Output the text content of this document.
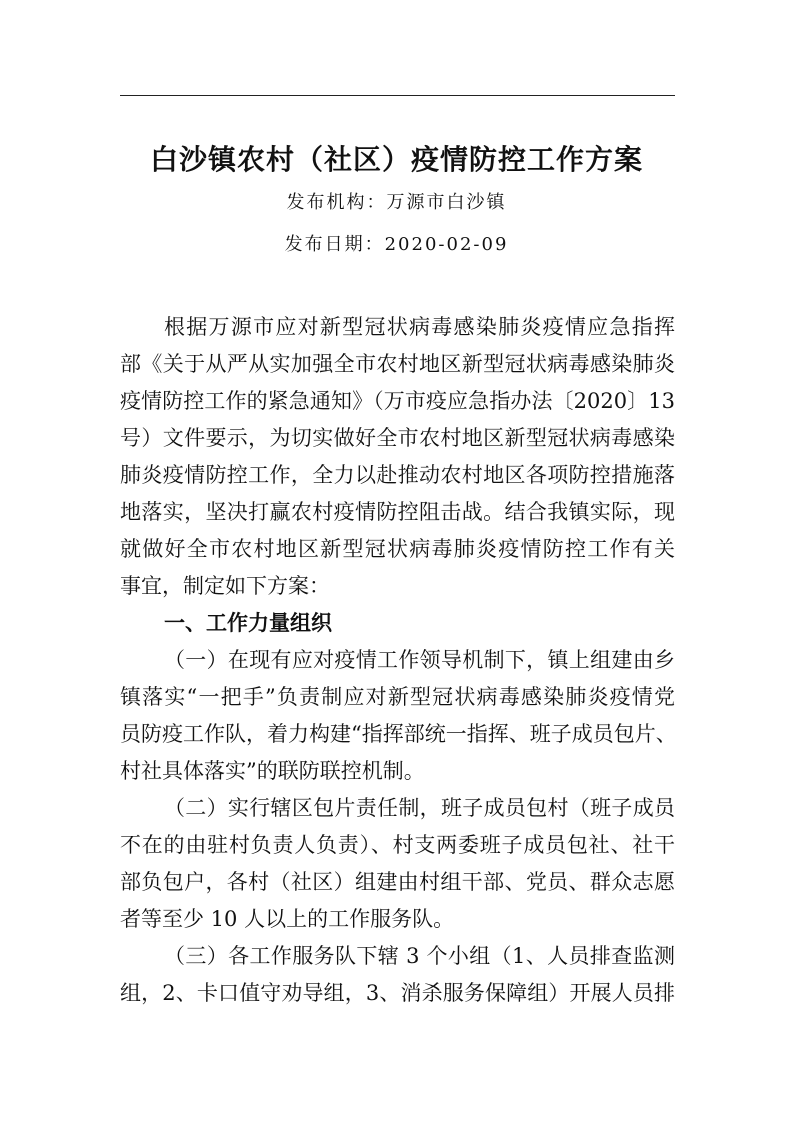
白沙镇农村（社区）疫情防控工作方案
发布机构：万源市白沙镇
发布日期：2020-02-09
根据万源市应对新型冠状病毒感染肺炎疫情应急指挥
部《关于从严从实加强全市农村地区新型冠状病毒感染肺炎
疫情防控工作的紧急通知》（万市疫应急指办法〔2020〕13
号）文件要示，为切实做好全市农村地区新型冠状病毒感染
肺炎疫情防控工作，全力以赴推动农村地区各项防控措施落
地落实，坚决打赢农村疫情防控阻击战。结合我镇实际，现
就做好全市农村地区新型冠状病毒肺炎疫情防控工作有关
事宜，制定如下方案：
一、工作力量组织
（一）在现有应对疫情工作领导机制下，镇上组建由乡
镇落实“一把手”负责制应对新型冠状病毒感染肺炎疫情党
员防疫工作队，着力构建“指挥部统一指挥、班子成员包片、
村社具体落实”的联防联控机制。
（二）实行辖区包片责任制，班子成员包村（班子成员
不在的由驻村负责人负责）、村支两委班子成员包社、社干
部负包户，各村（社区）组建由村组干部、党员、群众志愿
者等至少 10 人以上的工作服务队。
（三）各工作服务队下辖 3 个小组（1、人员排查监测
组，2、卡口值守劝导组，3、消杀服务保障组）开展人员排
